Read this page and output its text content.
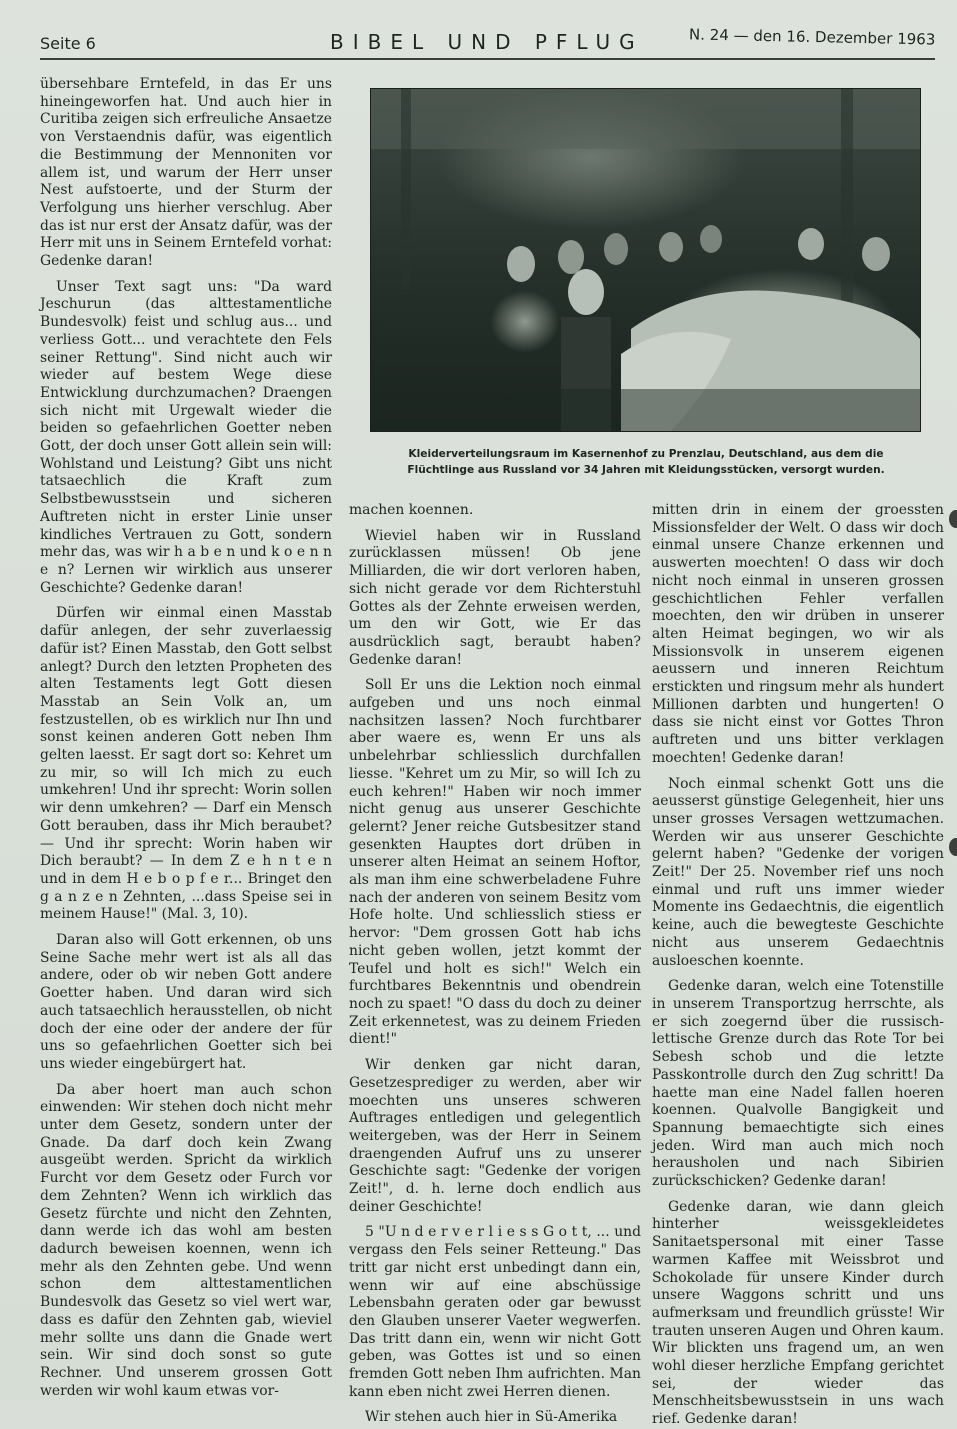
Seite 6	BIBEL UND PFLUG	N. 24 — den 16. Dezember 1963

übersehbare Erntefeld, in das Er uns hineingeworfen hat. Und auch hier in Curitiba zeigen sich erfreuliche Ansaetze von Verstaendnis dafür, was eigentlich die Bestimmung der Mennoniten vor allem ist, und warum der Herr unser Nest aufstoerte, und der Sturm der Verfolgung uns hierher verschlug. Aber das ist nur erst der Ansatz dafür, was der Herr mit uns in Seinem Erntefeld vorhat: Gedenke daran!

Unser Text sagt uns: "Da ward Jeschurun (das alttestamentliche Bundesvolk) feist und schlug aus... und verliess Gott... und verachtete den Fels seiner Rettung". Sind nicht auch wir wieder auf bestem Wege diese Entwicklung durchzumachen? Draengen sich nicht mit Urgewalt wieder die beiden so gefaehrlichen Goetter neben Gott, der doch unser Gott allein sein will: Wohlstand und Leistung? Gibt uns nicht tatsaechlich die Kraft zum Selbstbewusstsein und sicheren Auftreten nicht in erster Linie unser kindliches Vertrauen zu Gott, sondern mehr das, was wir h a b e n und k o e n n e n? Lernen wir wirklich aus unserer Geschichte? Gedenke daran!

Dürfen wir einmal einen Masstab dafür anlegen, der sehr zuverlaessig dafür ist? Einen Masstab, den Gott selbst anlegt? Durch den letzten Propheten des alten Testaments legt Gott diesen Masstab an Sein Volk an, um festzustellen, ob es wirklich nur Ihn und sonst keinen anderen Gott neben Ihm gelten laesst. Er sagt dort so: Kehret um zu mir, so will Ich mich zu euch umkehren! Und ihr sprecht: Worin sollen wir denn umkehren? — Darf ein Mensch Gott berauben, dass ihr Mich beraubet? — Und ihr sprecht: Worin haben wir Dich beraubt? — In dem Z e h n t e n und in dem H e b o p f e r... Bringet den g a n z e n Zehnten, ...dass Speise sei in meinem Hause!" (Mal. 3, 10).

Daran also will Gott erkennen, ob uns Seine Sache mehr wert ist als all das andere, oder ob wir neben Gott andere Goetter haben. Und daran wird sich auch tatsaechlich herausstellen, ob nicht doch der eine oder der andere der für uns so gefaehrlichen Goetter sich bei uns wieder eingebürgert hat.

Da aber hoert man auch schon einwenden: Wir stehen doch nicht mehr unter dem Gesetz, sondern unter der Gnade. Da darf doch kein Zwang ausgeübt werden. Spricht da wirklich Furcht vor dem Gesetz oder Furch vor dem Zehnten? Wenn ich wirklich das Gesetz fürchte und nicht den Zehnten, dann werde ich das wohl am besten dadurch beweisen koennen, wenn ich mehr als den Zehnten gebe. Und wenn schon dem alttestamentlichen Bundesvolk das Gesetz so viel wert war, dass es dafür den Zehnten gab, wieviel mehr sollte uns dann die Gnade wert sein. Wir sind doch sonst so gute Rechner. Und unserem grossen Gott werden wir wohl kaum etwas vor-

Kleiderverteilungsraum im Kasernenhof zu Prenzlau, Deutschland, aus dem die
Flüchtlinge aus Russland vor 34 Jahren mit Kleidungsstücken, versorgt wurden.

machen koennen.

Wieviel haben wir in Russland zurücklassen müssen! Ob jene Milliarden, die wir dort verloren haben, sich nicht gerade vor dem Richterstuhl Gottes als der Zehnte erweisen werden, um den wir Gott, wie Er das ausdrücklich sagt, beraubt haben? Gedenke daran!

Soll Er uns die Lektion noch einmal aufgeben und uns noch einmal nachsitzen lassen? Noch furchtbarer aber waere es, wenn Er uns als unbelehrbar schliesslich durchfallen liesse. "Kehret um zu Mir, so will Ich zu euch kehren!" Haben wir noch immer nicht genug aus unserer Geschichte gelernt? Jener reiche Gutsbesitzer stand gesenkten Hauptes dort drüben in unserer alten Heimat an seinem Hoftor, als man ihm eine schwerbeladene Fuhre nach der anderen von seinem Besitz vom Hofe holte. Und schliesslich stiess er hervor: "Dem grossen Gott hab ichs nicht geben wollen, jetzt kommt der Teufel und holt es sich!" Welch ein furchtbares Bekenntnis und obendrein noch zu spaet! "O dass du doch zu deiner Zeit erkennetest, was zu deinem Frieden dient!"

Wir denken gar nicht daran, Gesetzesprediger zu werden, aber wir moechten uns unseres schweren Auftrages entledigen und gelegentlich weitergeben, was der Herr in Seinem draengenden Aufruf uns zu unserer Geschichte sagt: "Gedenke der vorigen Zeit!", d. h. lerne doch endlich aus deiner Geschichte!

5 "U n d e r v e r l i e s s G o t t, ... und vergass den Fels seiner Retteung." Das tritt gar nicht erst unbedingt dann ein, wenn wir auf eine abschüssige Lebensbahn geraten oder gar bewusst den Glauben unserer Vaeter wegwerfen. Das tritt dann ein, wenn wir nicht Gott geben, was Gottes ist und so einen fremden Gott neben Ihm aufrichten. Man kann eben nicht zwei Herren dienen.

Wir stehen auch hier in Sü-Amerika

mitten drin in einem der groessten Missionsfelder der Welt. O dass wir doch einmal unsere Chanze erkennen und auswerten moechten! O dass wir doch nicht noch einmal in unseren grossen geschichtlichen Fehler verfallen moechten, den wir drüben in unserer alten Heimat begingen, wo wir als Missionsvolk in unserem eigenen aeussern und inneren Reichtum erstickten und ringsum mehr als hundert Millionen darbten und hungerten! O dass sie nicht einst vor Gottes Thron auftreten und uns bitter verklagen moechten! Gedenke daran!

Noch einmal schenkt Gott uns die aeusserst günstige Gelegenheit, hier uns unser grosses Versagen wettzumachen. Werden wir aus unserer Geschichte gelernt haben? "Gedenke der vorigen Zeit!" Der 25. November rief uns noch einmal und ruft uns immer wieder Momente ins Gedaechtnis, die eigentlich keine, auch die bewegteste Geschichte nicht aus unserem Gedaechtnis ausloeschen koennte.

Gedenke daran, welch eine Totenstille in unserem Transportzug herrschte, als er sich zoegernd über die russisch-lettische Grenze durch das Rote Tor bei Sebesh schob und die letzte Passkontrolle durch den Zug schritt! Da haette man eine Nadel fallen hoeren koennen. Qualvolle Bangigkeit und Spannung bemaechtigte sich eines jeden. Wird man auch mich noch herausholen und nach Sibirien zurückschicken? Gedenke daran!

Gedenke daran, wie dann gleich hinterher weissgekleidetes Sanitaetspersonal mit einer Tasse warmen Kaffee mit Weissbrot und Schokolade für unsere Kinder durch unsere Waggons schritt und uns aufmerksam und freundlich grüsste! Wir trauten unseren Augen und Ohren kaum. Wir blickten uns fragend um, an wen wohl dieser herzliche Empfang gerichtet sei, der wieder das Menschheitsbewusstsein in uns wach rief. Gedenke daran!
